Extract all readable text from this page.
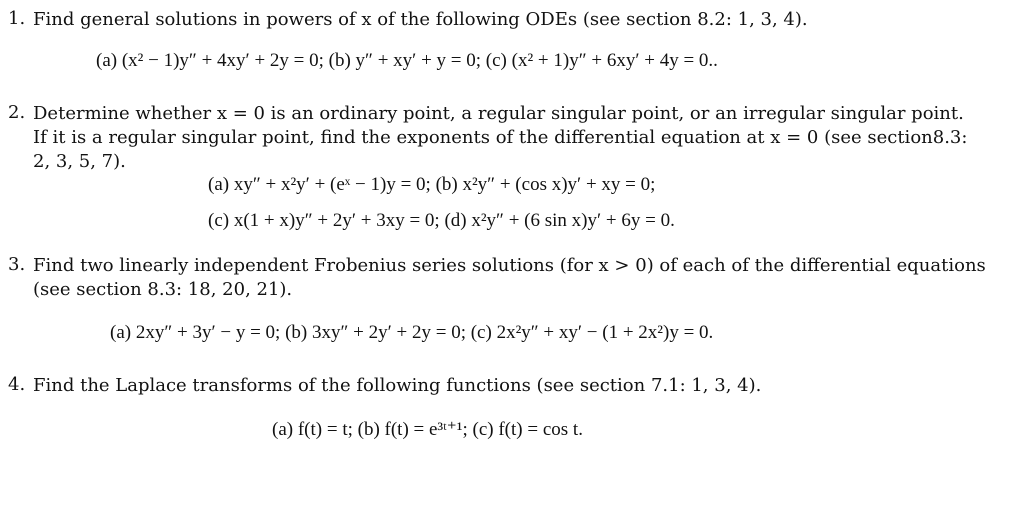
1. Find general solutions in powers of x of the following ODEs (see section 8.2: 1, 3, 4).
(a) (x² − 1)y″ + 4xy′ + 2y = 0; (b) y″ + xy′ + y = 0; (c) (x² + 1)y″ + 6xy′ + 4y = 0..
2. Determine whether x = 0 is an ordinary point, a regular singular point, or an irregular singular point.
If it is a regular singular point, find the exponents of the differential equation at x = 0 (see section8.3:
2, 3, 5, 7).
(a) xy″ + x²y′ + (eˣ − 1)y = 0; (b) x²y″ + (cos x)y′ + xy = 0;
(c) x(1 + x)y″ + 2y′ + 3xy = 0; (d) x²y″ + (6 sin x)y′ + 6y = 0.
3. Find two linearly independent Frobenius series solutions (for x > 0) of each of the differential equations
(see section 8.3: 18, 20, 21).
(a) 2xy″ + 3y′ − y = 0; (b) 3xy″ + 2y′ + 2y = 0; (c) 2x²y″ + xy′ − (1 + 2x²)y = 0.
4. Find the Laplace transforms of the following functions (see section 7.1: 1, 3, 4).
(a) f(t) = t; (b) f(t) = e³ᵗ⁺¹; (c) f(t) = cos t.
